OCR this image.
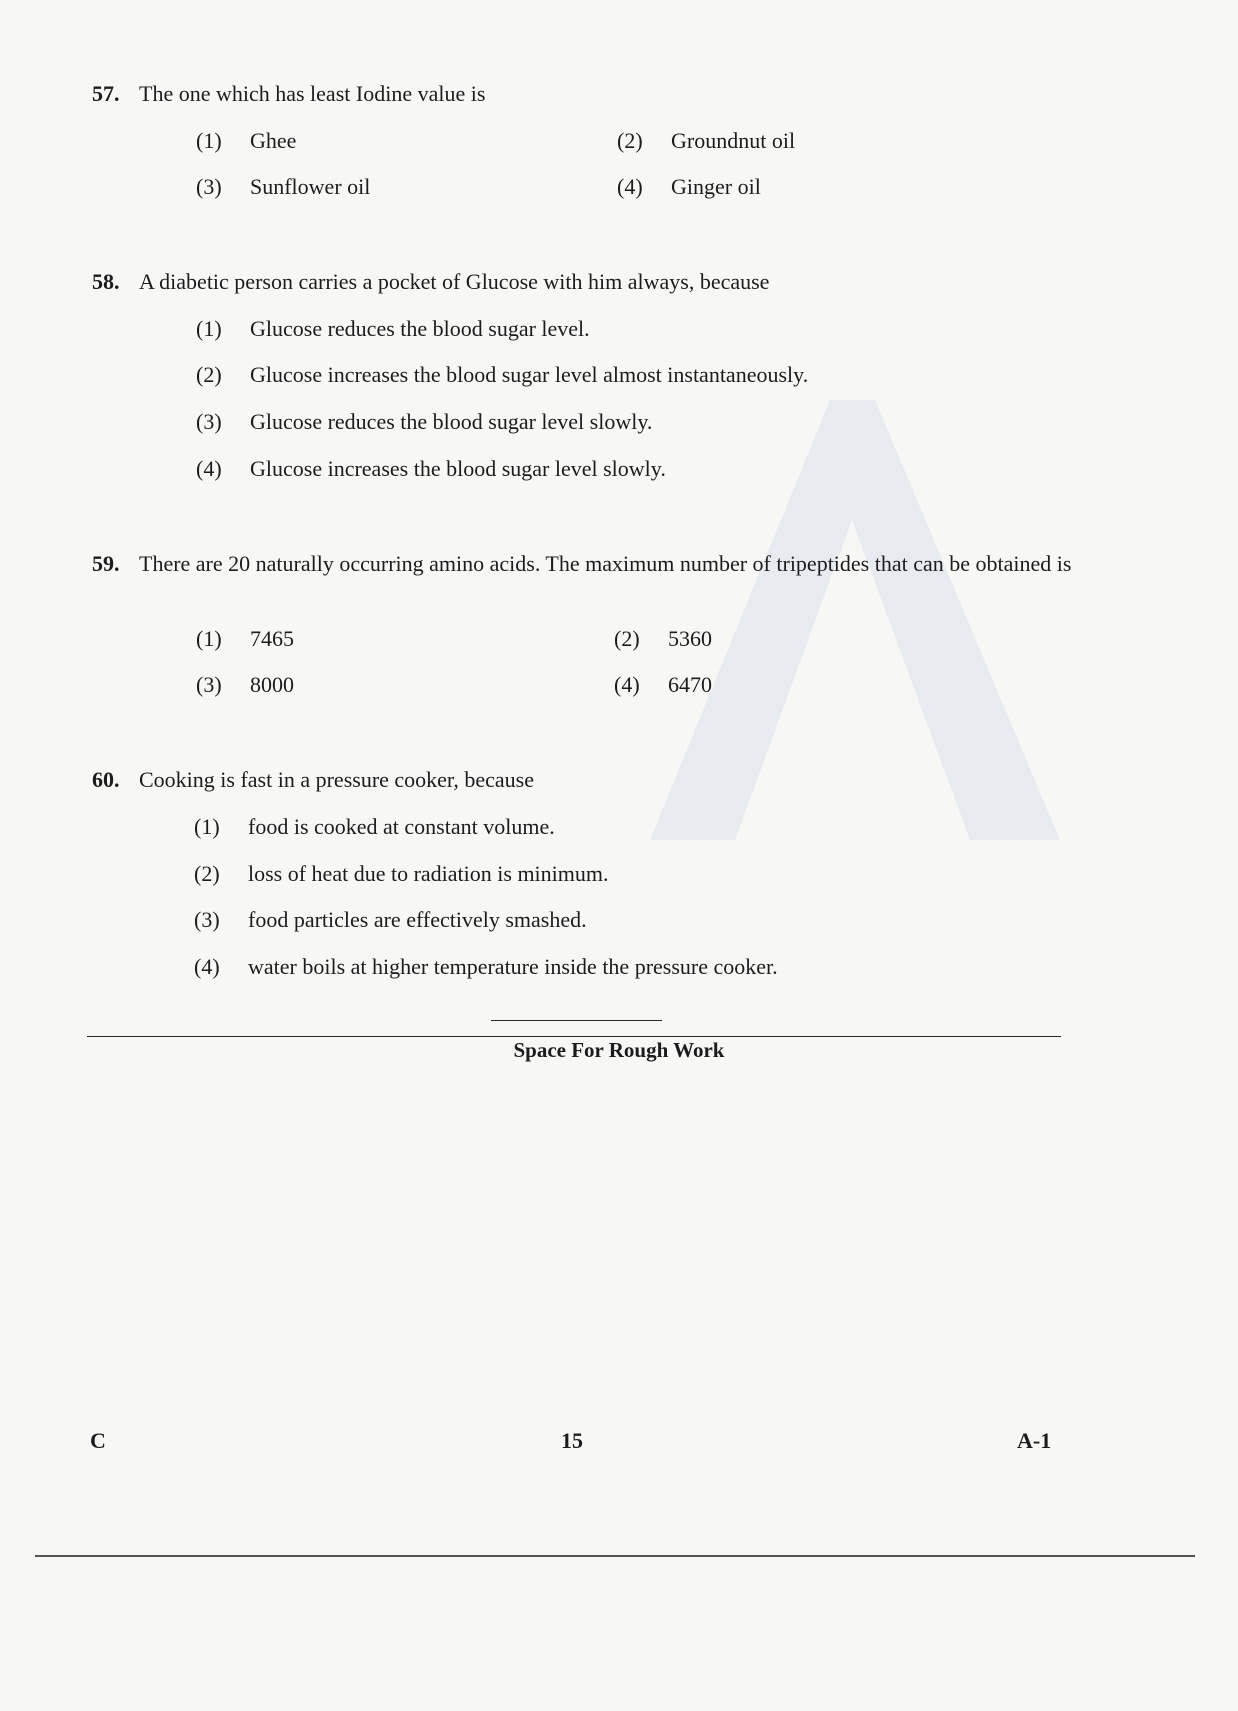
57. The one which has least Iodine value is
(1)	Ghee	(2)	Groundnut oil
(3)	Sunflower oil	(4)	Ginger oil
58. A diabetic person carries a pocket of Glucose with him always, because
(1)	Glucose reduces the blood sugar level.
(2)	Glucose increases the blood sugar level almost instantaneously.
(3)	Glucose reduces the blood sugar level slowly.
(4)	Glucose increases the blood sugar level slowly.
59. There are 20 naturally occurring amino acids. The maximum number of tripeptides that can be obtained is
(1)	7465	(2)	5360
(3)	8000	(4)	6470
60. Cooking is fast in a pressure cooker, because
(1)	food is cooked at constant volume.
(2)	loss of heat due to radiation is minimum.
(3)	food particles are effectively smashed.
(4)	water boils at higher temperature inside the pressure cooker.
Space For Rough Work
C	15	A-1
